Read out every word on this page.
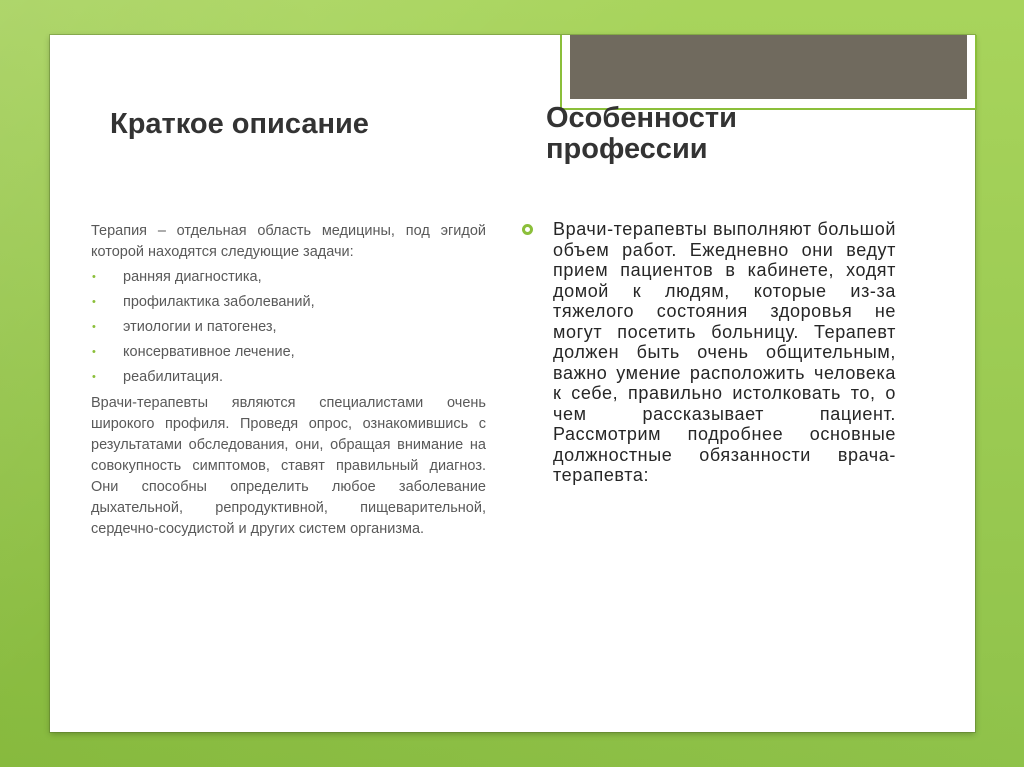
Краткое описание	Особенности профессии

Терапия – отдельная область медицины, под эгидой которой находятся следующие задачи:

• ранняя диагностика,
• профилактика заболеваний,
• этиологии и патогенез,
• консервативное лечение,
• реабилитация.

Врачи-терапевты являются специалистами очень широкого профиля. Проведя опрос, ознакомившись с результатами обследования, они, обращая внимание на совокупность симптомов, ставят правильный диагноз. Они способны определить любое заболевание дыхательной, репродуктивной, пищеварительной, сердечно-сосудистой и других систем организма.

Врачи-терапевты выполняют большой объем работ. Ежедневно они ведут прием пациентов в кабинете, ходят домой к людям, которые из-за тяжелого состояния здоровья не могут посетить больницу. Терапевт должен быть очень общительным, важно умение расположить человека к себе, правильно истолковать то, о чем рассказывает пациент. Рассмотрим подробнее основные должностные обязанности врача-терапевта:
